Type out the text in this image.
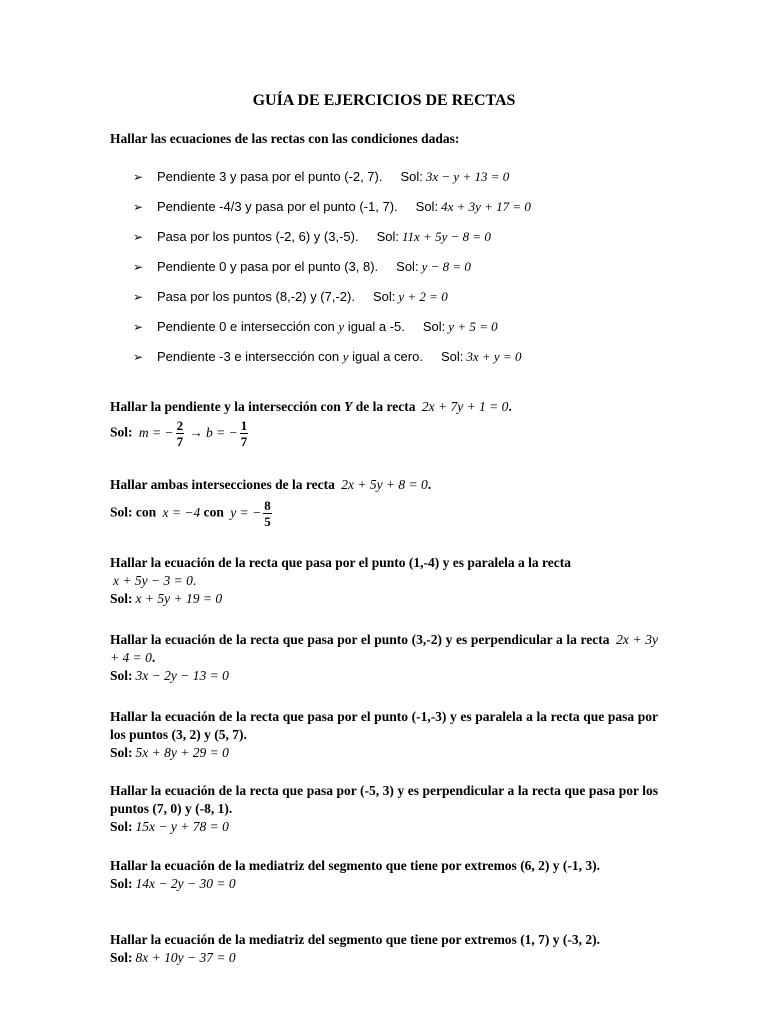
GUÍA DE EJERCICIOS DE RECTAS
Hallar las ecuaciones de las rectas con las condiciones dadas:
➢ Pendiente 3 y pasa por el punto (-2, 7). Sol: 3x − y + 13 = 0
➢ Pendiente -4/3 y pasa por el punto (-1, 7). Sol: 4x + 3y + 17 = 0
➢ Pasa por los puntos (-2, 6) y (3,-5). Sol: 11x + 5y − 8 = 0
➢ Pendiente 0 y pasa por el punto (3, 8). Sol: y − 8 = 0
➢ Pasa por los puntos (8,-2) y (7,-2). Sol: y + 2 = 0
➢ Pendiente 0 e intersección con y igual a -5. Sol: y + 5 = 0
➢ Pendiente -3 e intersección con y igual a cero. Sol: 3x + y = 0
Hallar la pendiente y la intersección con Y de la recta 2x + 7y + 1 = 0.
Sol: m = − $\frac{2}{7} \to b$ = − $\frac{1}{7}$
Hallar ambas intersecciones de la recta 2x + 5y + 8 = 0.
Sol: con x = −4 con y = − $\frac{8}{5}$
Hallar la ecuación de la recta que pasa por el punto (1,-4) y es paralela a la recta
x + 5y − 3 = 0.
Sol: x + 5y + 19 = 0
Hallar la ecuación de la recta que pasa por el punto (3,-2) y es perpendicular a la recta 2x + 3y + 4 = 0.
Sol: 3x − 2y − 13 = 0
Hallar la ecuación de la recta que pasa por el punto (-1,-3) y es paralela a la recta que pasa por los puntos (3, 2) y (5, 7).
Sol: 5x + 8y + 29 = 0
Hallar la ecuación de la recta que pasa por (-5, 3) y es perpendicular a la recta que pasa por los puntos (7, 0) y (-8, 1).
Sol: 15x − y + 78 = 0
Hallar la ecuación de la mediatriz del segmento que tiene por extremos (6, 2) y (-1, 3).
Sol: 14x − 2y − 30 = 0
Hallar la ecuación de la mediatriz del segmento que tiene por extremos (1, 7) y (-3, 2).
Sol: 8x + 10y − 37 = 0
